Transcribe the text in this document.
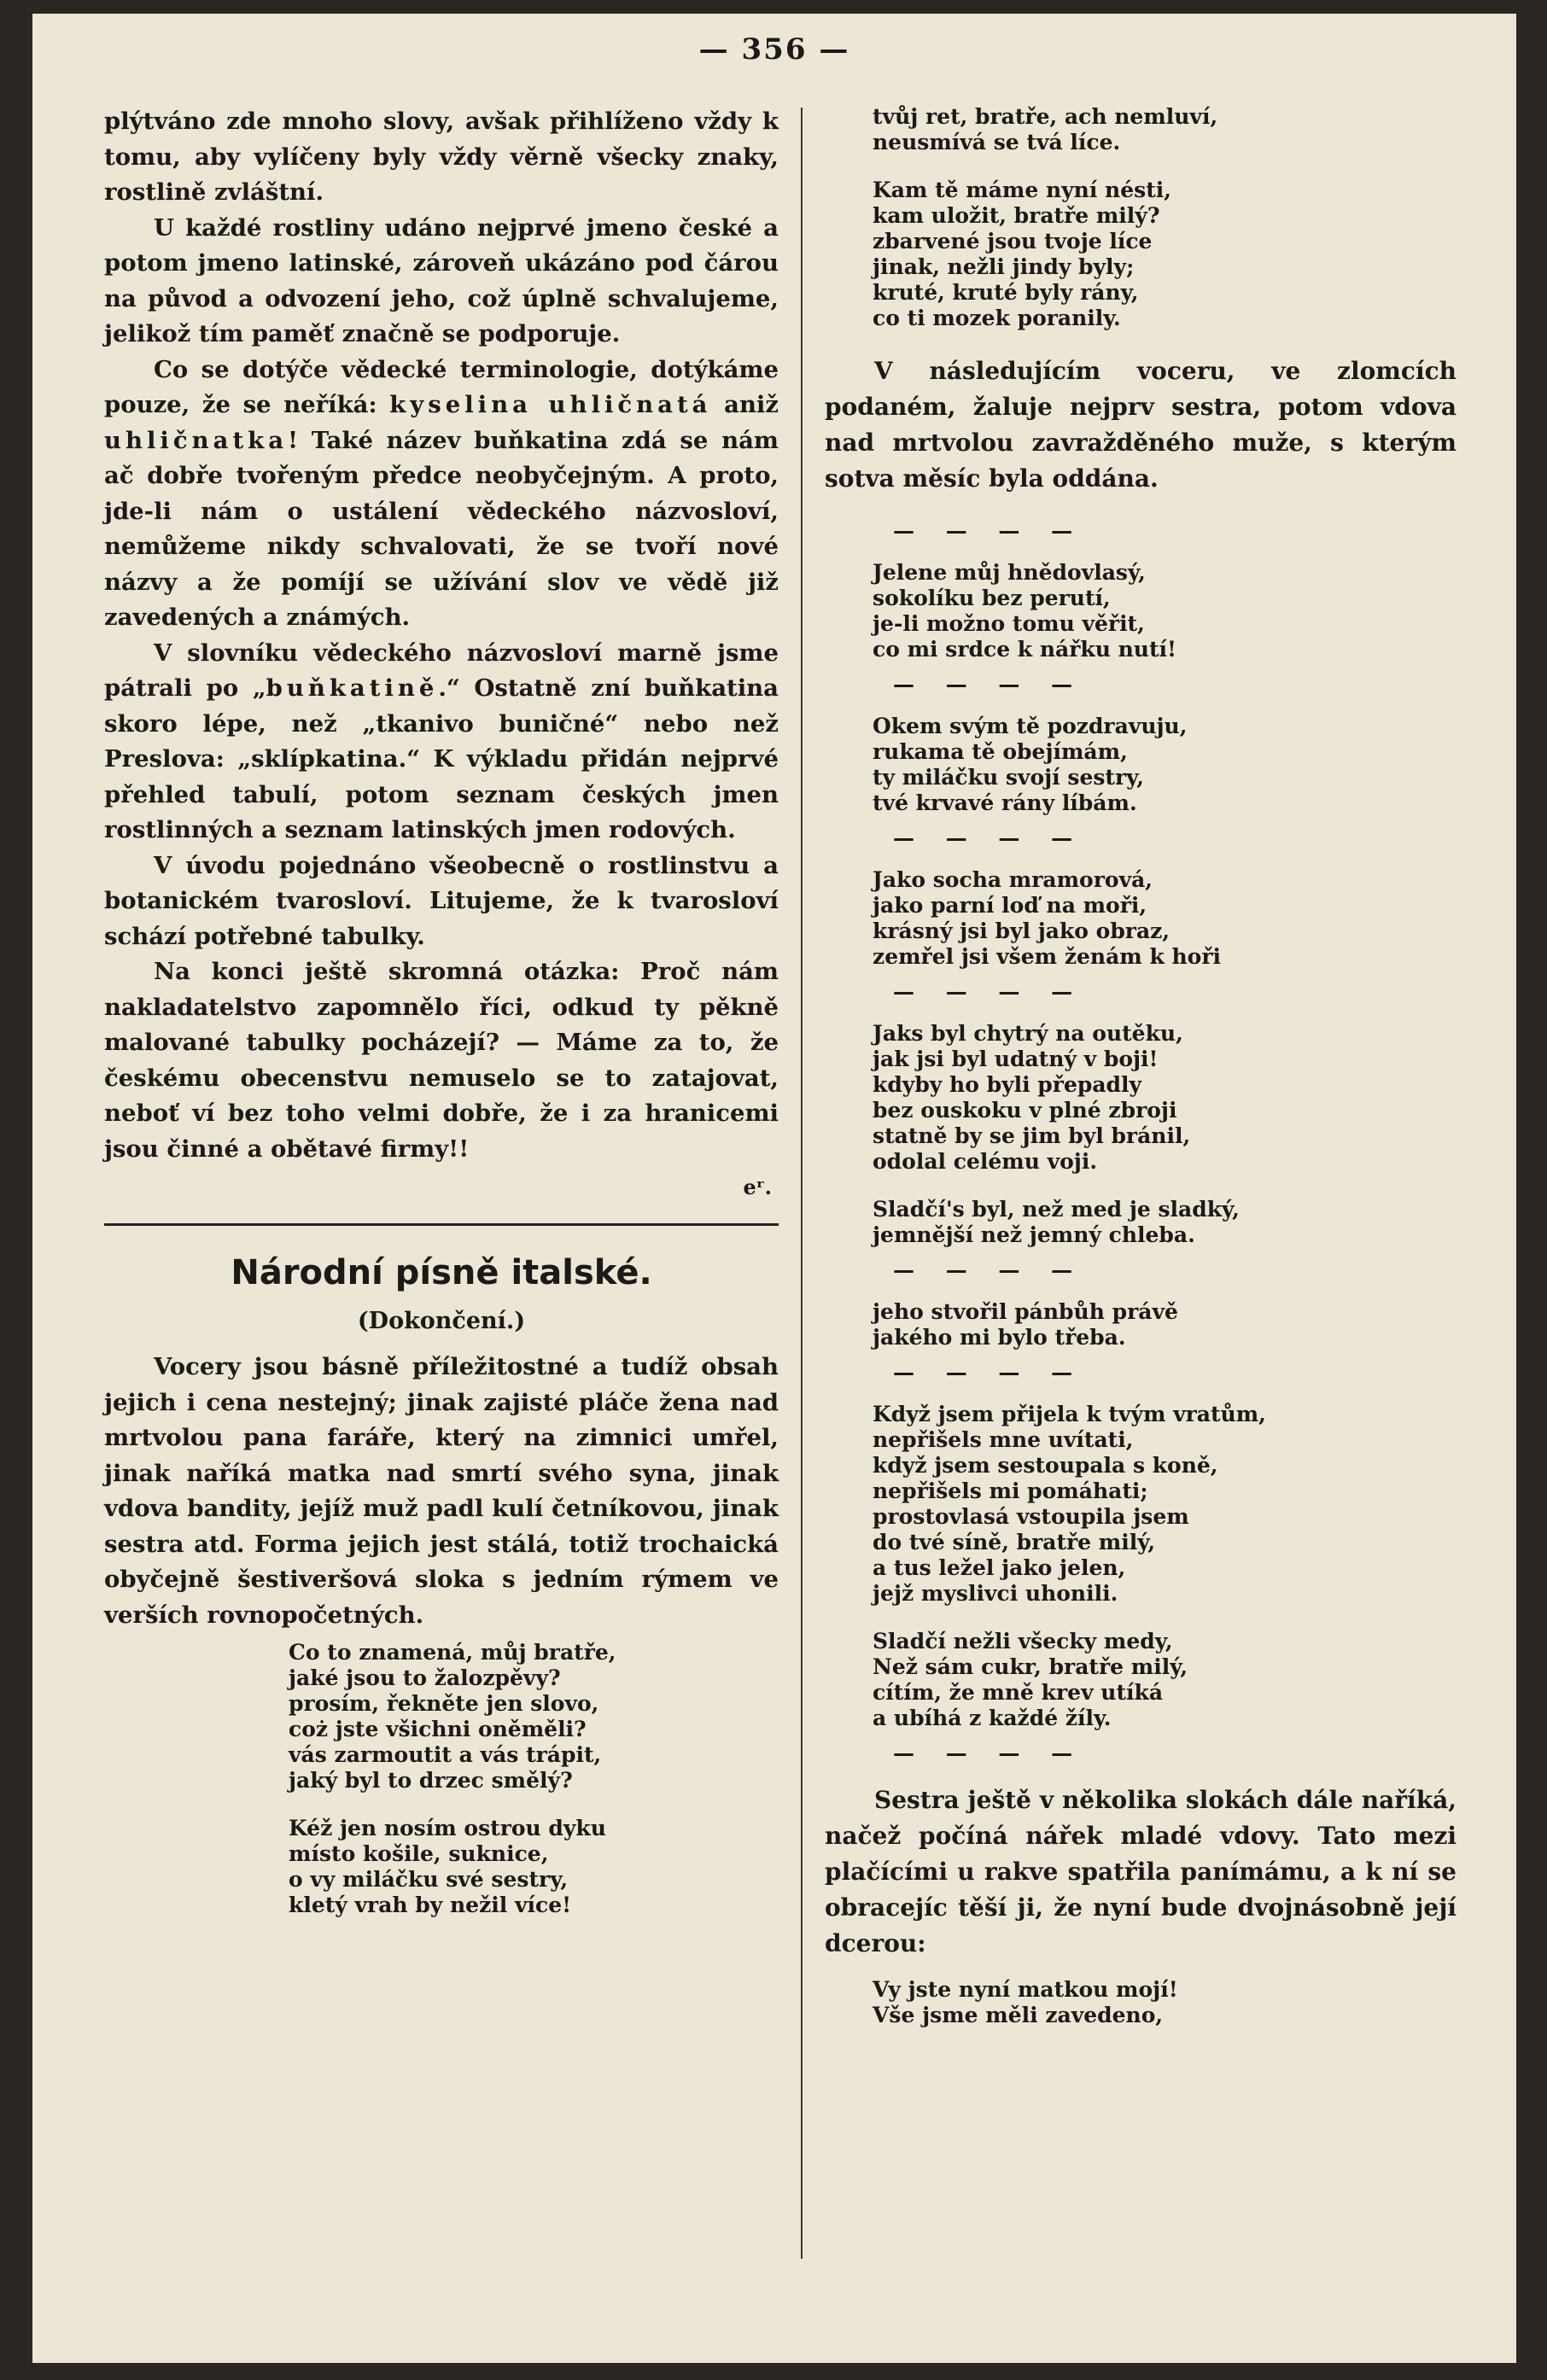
— 356 —

plýtváno zde mnoho slovy, avšak přihlíženo vždy k tomu, aby vylíčeny byly vždy věrně všecky znaky, rostlině zvláštní.

U každé rostliny udáno nejprvé jmeno české a potom jmeno latinské, zároveň ukázáno pod čárou na původ a odvození jeho, což úplně schvalujeme, jelikož tím paměť značně se podporuje.

Co se dotýče vědecké terminologie, dotýkáme pouze, že se neříká: kyselina uhličnatá aniž uhličnatka! Také název buňkatina zdá se nám ač dobře tvořeným předce neobyčejným. A proto, jde-li nám o ustálení vědeckého názvosloví, nemůžeme nikdy schvalovati, že se tvoří nové názvy a že pomíjí se užívání slov ve vědě již zavedených a známých.

V slovníku vědeckého názvosloví marně jsme pátrali po „buňkatině.“ Ostatně zní buňkatina skoro lépe, než „tkanivo buničné“ nebo než Preslova: „sklípkatina.“ K výkladu přidán nejprvé přehled tabulí, potom seznam českých jmen rostlinných a seznam latinských jmen rodových.

V úvodu pojednáno všeobecně o rostlinstvu a botanickém tvarosloví. Litujeme, že k tvarosloví schází potřebné tabulky.

Na konci ještě skromná otázka: Proč nám nakladatelstvo zapomnělo říci, odkud ty pěkně malované tabulky pocházejí? — Máme za to, že českému obecenstvu nemuselo se to zatajovat, neboť ví bez toho velmi dobře, že i za hranicemi jsou činné a obětavé firmy!!

eʳ.
Národní písně italské.
(Dokončení.)

Vocery jsou básně příležitostné a tudíž obsah jejich i cena nestejný; jinak zajisté pláče žena nad mrtvolou pana faráře, který na zimnici umřel, jinak naříká matka nad smrtí svého syna, jinak vdova bandity, jejíž muž padl kulí četníkovou, jinak sestra atd. Forma jejich jest stálá, totiž trochaická obyčejně šestiveršová sloka s jedním rýmem ve verších rovnopočetných.

Co to znamená, můj bratře,
jaké jsou to žalozpěvy?
prosím, řekněte jen slovo,
coż jste všichni oněměli?
vás zarmoutit a vás trápit,
jaký byl to drzec smělý?
Kéž jen nosím ostrou dyku
místo košile, suknice,
o vy miláčku své sestry,
kletý vrah by nežil více!
tvůj ret, bratře, ach nemluví,
neusmívá se tvá líce.
Kam tě máme nyní nésti,
kam uložit, bratře milý?
zbarvené jsou tvoje líce
jinak, nežli jindy byly;
kruté, kruté byly rány,
co ti mozek poranily.

V následujícím voceru, ve zlomcích podaném, žaluje nejprv sestra, potom vdova nad mrtvolou zavražděného muže, s kterým sotva měsíc byla oddána.

— — — —
Jelene můj hnědovlasý,
sokolíku bez perutí,
je-li možno tomu věřit,
co mi srdce k nářku nutí!
— — — —
Okem svým tě pozdravuju,
rukama tě obejímám,
ty miláčku svojí sestry,
tvé krvavé rány líbám.
— — — —
Jako socha mramorová,
jako parní loď na moři,
krásný jsi byl jako obraz,
zemřel jsi všem ženám k hoři
— — — —
Jaks byl chytrý na outěku,
jak jsi byl udatný v boji!
kdyby ho byli přepadly
bez ouskoku v plné zbroji
statně by se jim byl bránil,
odolal celému voji.
Sladčí's byl, než med je sladký,
jemnější než jemný chleba.
— — — —
jeho stvořil pánbůh právě
jakého mi bylo třeba.
— — — —
Když jsem přijela k tvým vratům,
nepřišels mne uvítati,
když jsem sestoupala s koně,
nepřišels mi pomáhati;
prostovlasá vstoupila jsem
do tvé síně, bratře milý,
a tus ležel jako jelen,
jejž myslivci uhonili.
Sladčí nežli všecky medy,
Než sám cukr, bratře milý,
cítím, že mně krev utíká
a ubíhá z každé žíly.
— — — —

Sestra ještě v několika slokách dále naříká, načež počíná nářek mladé vdovy. Tato mezi plačícími u rakve spatřila panímámu, a k ní se obracejíc těší ji, že nyní bude dvojnásobně její dcerou:

Vy jste nyní matkou mojí!
Vše jsme měli zavedeno,
